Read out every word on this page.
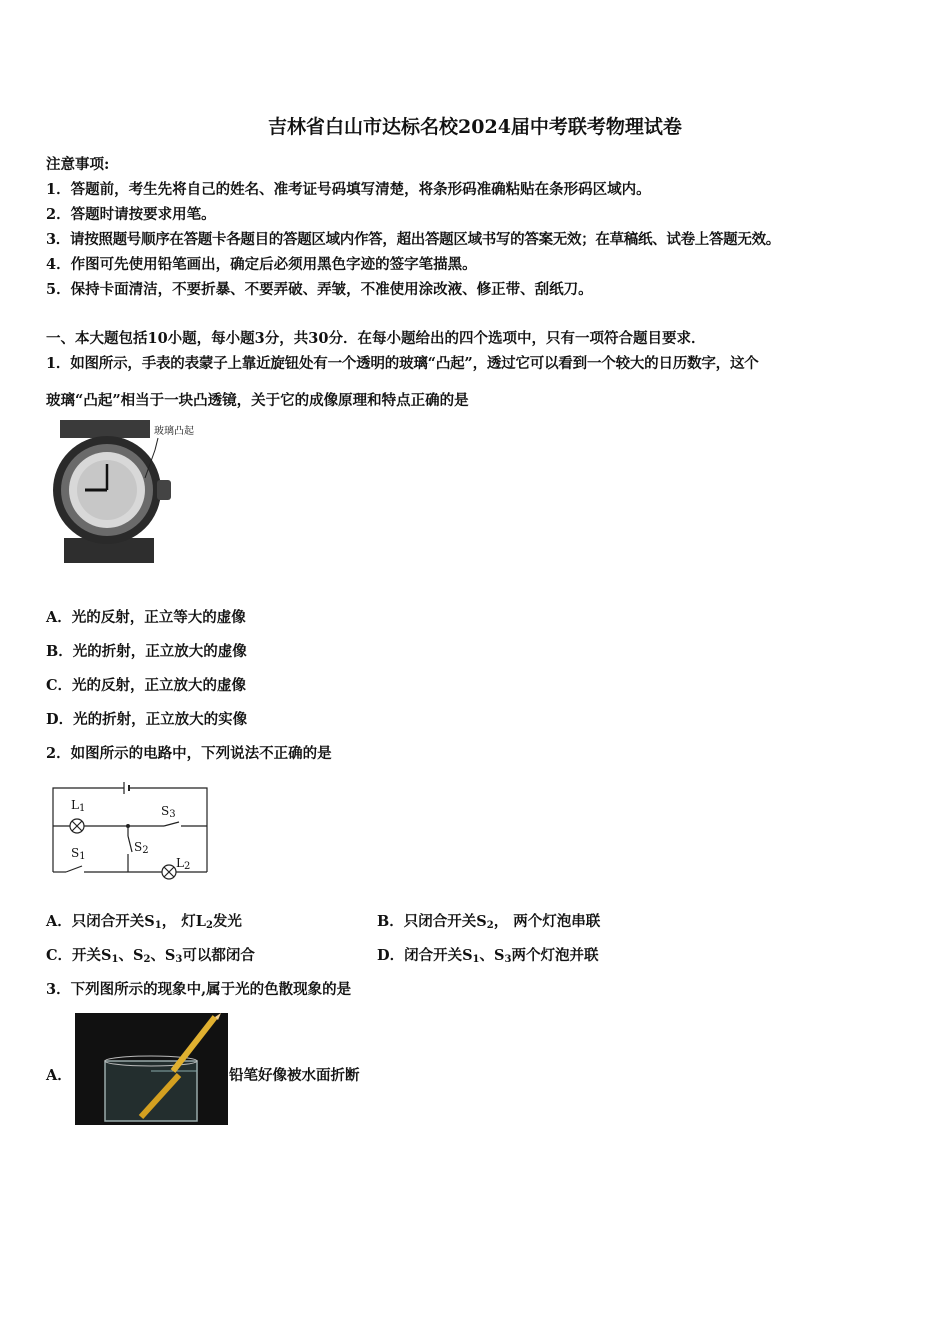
吉林省白山市达标名校2024届中考联考物理试卷
注意事项:
1．答题前，考生先将自己的姓名、准考证号码填写清楚，将条形码准确粘贴在条形码区域内。
2．答题时请按要求用笔。
3．请按照题号顺序在答题卡各题目的答题区域内作答，超出答题区域书写的答案无效；在草稿纸、试卷上答题无效。
4．作图可先使用铅笔画出，确定后必须用黑色字迹的签字笔描黑。
5．保持卡面清洁，不要折暴、不要弄破、弄皱，不准使用涂改液、修正带、刮纸刀。
一、本大题包括10小题，每小题3分，共30分．在每小题给出的四个选项中，只有一项符合题目要求．
1．如图所示，手表的表蒙子上靠近旋钮处有一个透明的玻璃“凸起”，透过它可以看到一个较大的日历数字，这个
玻璃“凸起”相当于一块凸透镜，关于它的成像原理和特点正确的是
玻璃凸起
A．光的反射，正立等大的虚像
B．光的折射，正立放大的虚像
C．光的反射，正立放大的虚像
D．光的折射，正立放大的实像
2．如图所示的电路中，下列说法不正确的是
$L_1$	$S_3$
$S_1$
$S_2$
$L_2$
A．只闭合开关$S_1$， 灯$L_2$发光	B．只闭合开关$S_2$， 两个灯泡串联
C．开关$S_1$、$S_2$、$S_3$可以都闭合	D．闭合开关$S_1$、$S_3$两个灯泡并联
3．下列图所示的现象中,属于光的色散现象的是
A．	铅笔好像被水面折断
